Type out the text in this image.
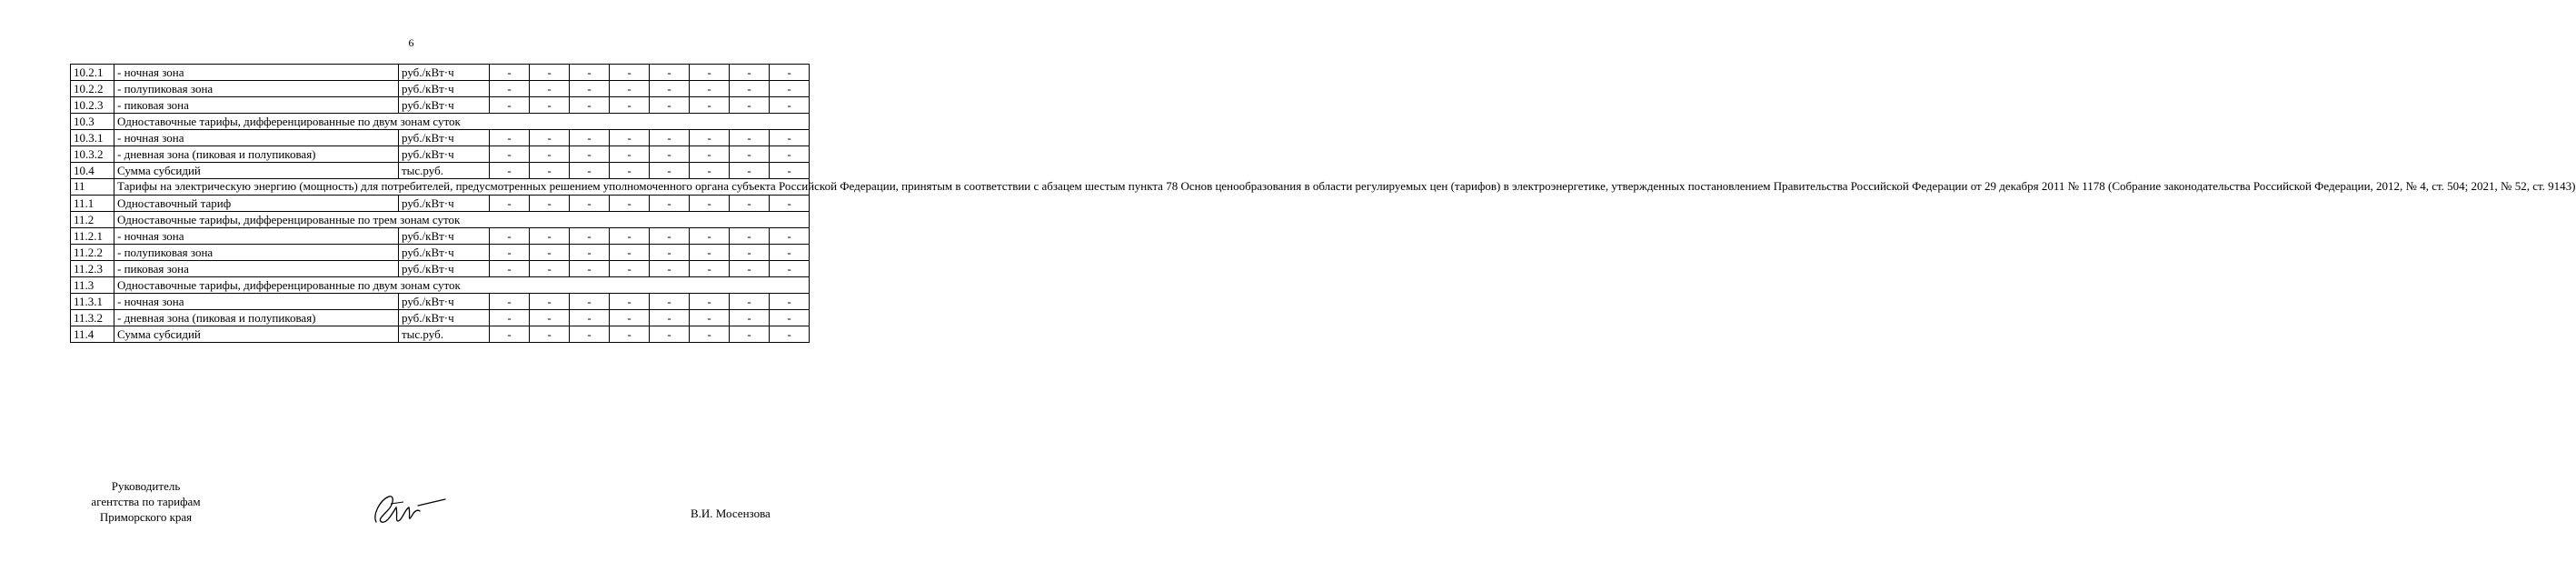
6
10.2.1	- ночная зона	руб./кВт·ч	-	-	-	-	-	-	-	-
10.2.2	- полупиковая зона	руб./кВт·ч	-	-	-	-	-	-	-	-
10.2.3	- пиковая зона	руб./кВт·ч	-	-	-	-	-	-	-	-
10.3	Одноставочные тарифы, дифференцированные по двум зонам суток									
10.3.1	- ночная зона	руб./кВт·ч	-	-	-	-	-	-	-	-
10.3.2	- дневная зона (пиковая и полупиковая)	руб./кВт·ч	-	-	-	-	-	-	-	-
10.4	Сумма субсидий	тыс.руб.	-	-	-	-	-	-	-	-
11	Тарифы на электрическую энергию (мощность) для потребителей, предусмотренных решением уполномоченного органа субъекта Российской Федерации, принятым в соответствии с абзацем шестым пункта 78 Основ ценообразования в области регулируемых цен (тарифов) в электроэнергетике, утвержденных постановлением Правительства Российской Федерации от 29 декабря 2011 № 1178 (Собрание законодательства Российской Федерации, 2012, № 4, ст. 504; 2021, № 52, ст. 9143)									
11.1	Одноставочный тариф	руб./кВт·ч	-	-	-	-	-	-	-	-
11.2	Одноставочные тарифы, дифференцированные по трем зонам суток									
11.2.1	- ночная зона	руб./кВт·ч	-	-	-	-	-	-	-	-
11.2.2	- полупиковая зона	руб./кВт·ч	-	-	-	-	-	-	-	-
11.2.3	- пиковая зона	руб./кВт·ч	-	-	-	-	-	-	-	-
11.3	Одноставочные тарифы, дифференцированные по двум зонам суток									
11.3.1	- ночная зона	руб./кВт·ч	-	-	-	-	-	-	-	-
11.3.2	- дневная зона (пиковая и полупиковая)	руб./кВт·ч	-	-	-	-	-	-	-	-
11.4	Сумма субсидий	тыс.руб.	-	-	-	-	-	-	-	-
Руководитель
агентства по тарифам
Приморского края	В.И. Мосензова
